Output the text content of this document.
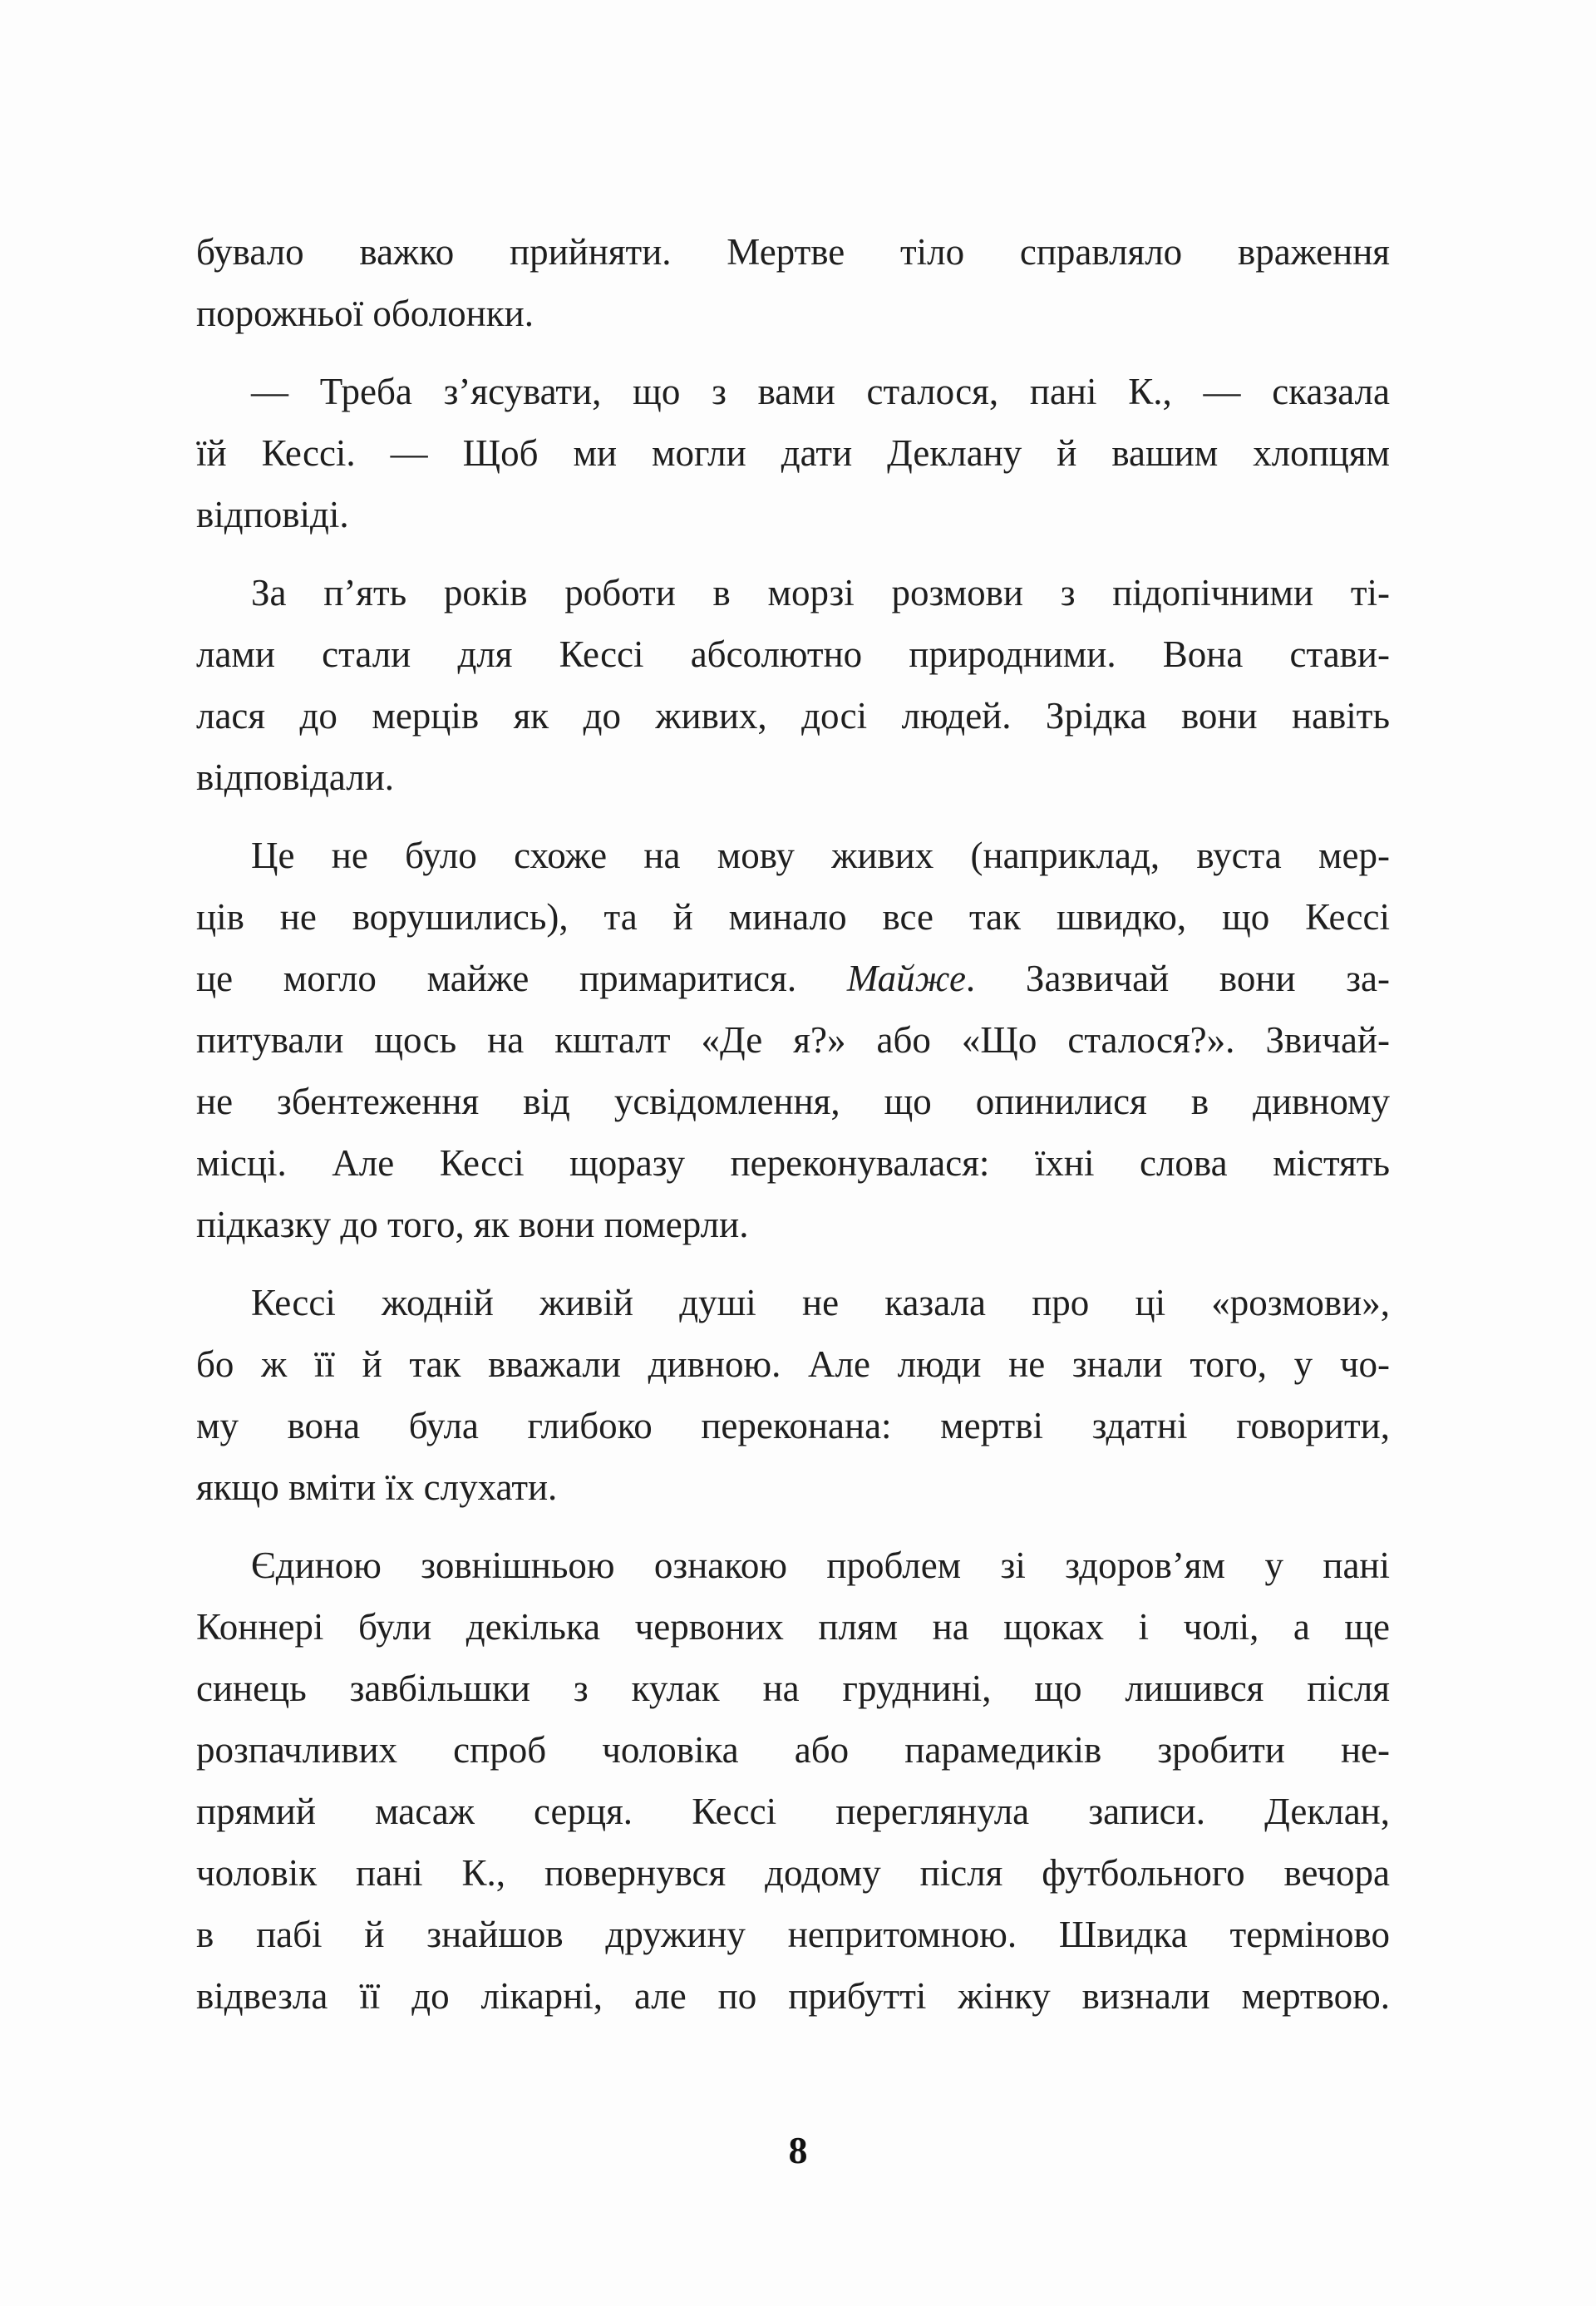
бувало важко прийняти. Мертве тіло справляло враження
порожньої оболонки.
— Треба з’ясувати, що з вами сталося, пані К., — сказала
їй Кессі. — Щоб ми могли дати Деклану й вашим хлопцям
відповіді.
За п’ять років роботи в морзі розмови з підопічними ті-
лами стали для Кессі абсолютно природними. Вона стави-
лася до мерців як до живих, досі людей. Зрідка вони навіть
відповідали.
Це не було схоже на мову живих (наприклад, вуста мер-
ців не ворушились), та й минало все так швидко, що Кессі
це могло майже примаритися. Майже. Зазвичай вони за-
питували щось на кшталт «Де я?» або «Що сталося?». Звичай-
не збентеження від усвідомлення, що опинилися в дивному
місці. Але Кессі щоразу переконувалася: їхні слова містять
підказку до того, як вони померли.
Кессі жодній живій душі не казала про ці «розмови»,
бо ж її й так вважали дивною. Але люди не знали того, у чо-
му вона була глибоко переконана: мертві здатні говорити,
якщо вміти їх слухати.
Єдиною зовнішньою ознакою проблем зі здоров’ям у пані
Коннері були декілька червоних плям на щоках і чолі, а ще
синець завбільшки з кулак на груднині, що лишився після
розпачливих спроб чоловіка або парамедиків зробити не-
прямий масаж серця. Кессі переглянула записи. Деклан,
чоловік пані К., повернувся додому після футбольного вечора
в пабі й знайшов дружину непритомною. Швидка терміново
відвезла її до лікарні, але по прибутті жінку визнали мертвою.
8
